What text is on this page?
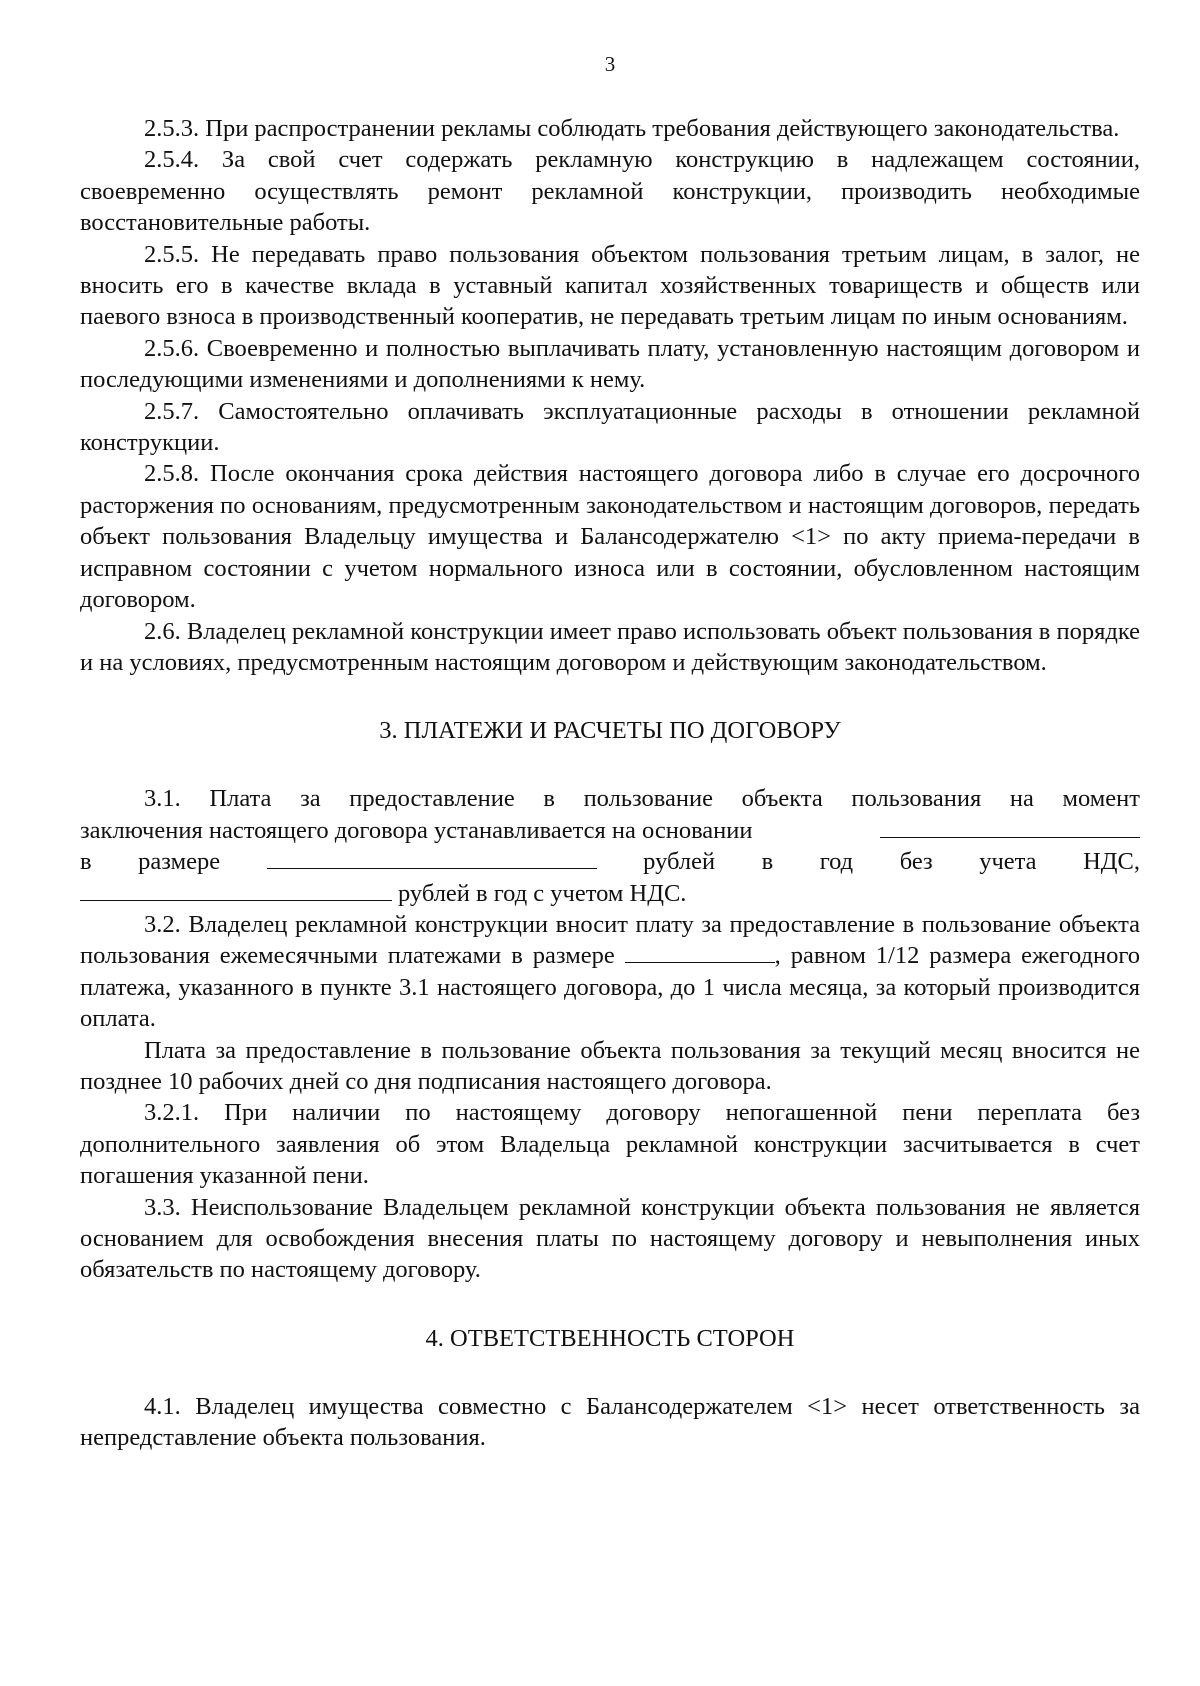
3

2.5.3. При распространении рекламы соблюдать требования действующего законодательства.

2.5.4. За свой счет содержать рекламную конструкцию в надлежащем состоянии, своевременно осуществлять ремонт рекламной конструкции, производить необходимые восстановительные работы.

2.5.5. Не передавать право пользования объектом пользования третьим лицам, в залог, не вносить его в качестве вклада в уставный капитал хозяйственных товариществ и обществ или паевого взноса в производственный кооператив, не передавать третьим лицам по иным основаниям.

2.5.6. Своевременно и полностью выплачивать плату, установленную настоящим договором и последующими изменениями и дополнениями к нему.

2.5.7. Самостоятельно оплачивать эксплуатационные расходы в отношении рекламной конструкции.

2.5.8. После окончания срока действия настоящего договора либо в случае его досрочного расторжения по основаниям, предусмотренным законодательством и настоящим договоров, передать объект пользования Владельцу имущества и Балансодержателю <1> по акту приема-передачи в исправном состоянии с учетом нормального износа или в состоянии, обусловленном настоящим договором.

2.6. Владелец рекламной конструкции имеет право использовать объект пользования в порядке и на условиях, предусмотренным настоящим договором и действующим законодательством.

3. ПЛАТЕЖИ И РАСЧЕТЫ ПО ДОГОВОРУ

3.1. Плата за предоставление в пользование объекта пользования на момент

заключения настоящего договора устанавливается на основании
в размере	рублей в год без учета НДС,
рублей в год с учетом НДС.

3.2. Владелец рекламной конструкции вносит плату за предоставление в пользование объекта пользования ежемесячными платежами в размере	, равном 1/12 размера ежегодного платежа, указанного в пункте 3.1 настоящего договора, до 1 числа месяца, за который производится оплата.

Плата за предоставление в пользование объекта пользования за текущий месяц вносится не позднее 10 рабочих дней со дня подписания настоящего договора.

3.2.1. При наличии по настоящему договору непогашенной пени переплата без дополнительного заявления об этом Владельца рекламной конструкции засчитывается в счет погашения указанной пени.

3.3. Неиспользование Владельцем рекламной конструкции объекта пользования не является основанием для освобождения внесения платы по настоящему договору и невыполнения иных обязательств по настоящему договору.

4. ОТВЕТСТВЕННОСТЬ СТОРОН

4.1. Владелец имущества совместно с Балансодержателем <1> несет ответственность за непредставление объекта пользования.
